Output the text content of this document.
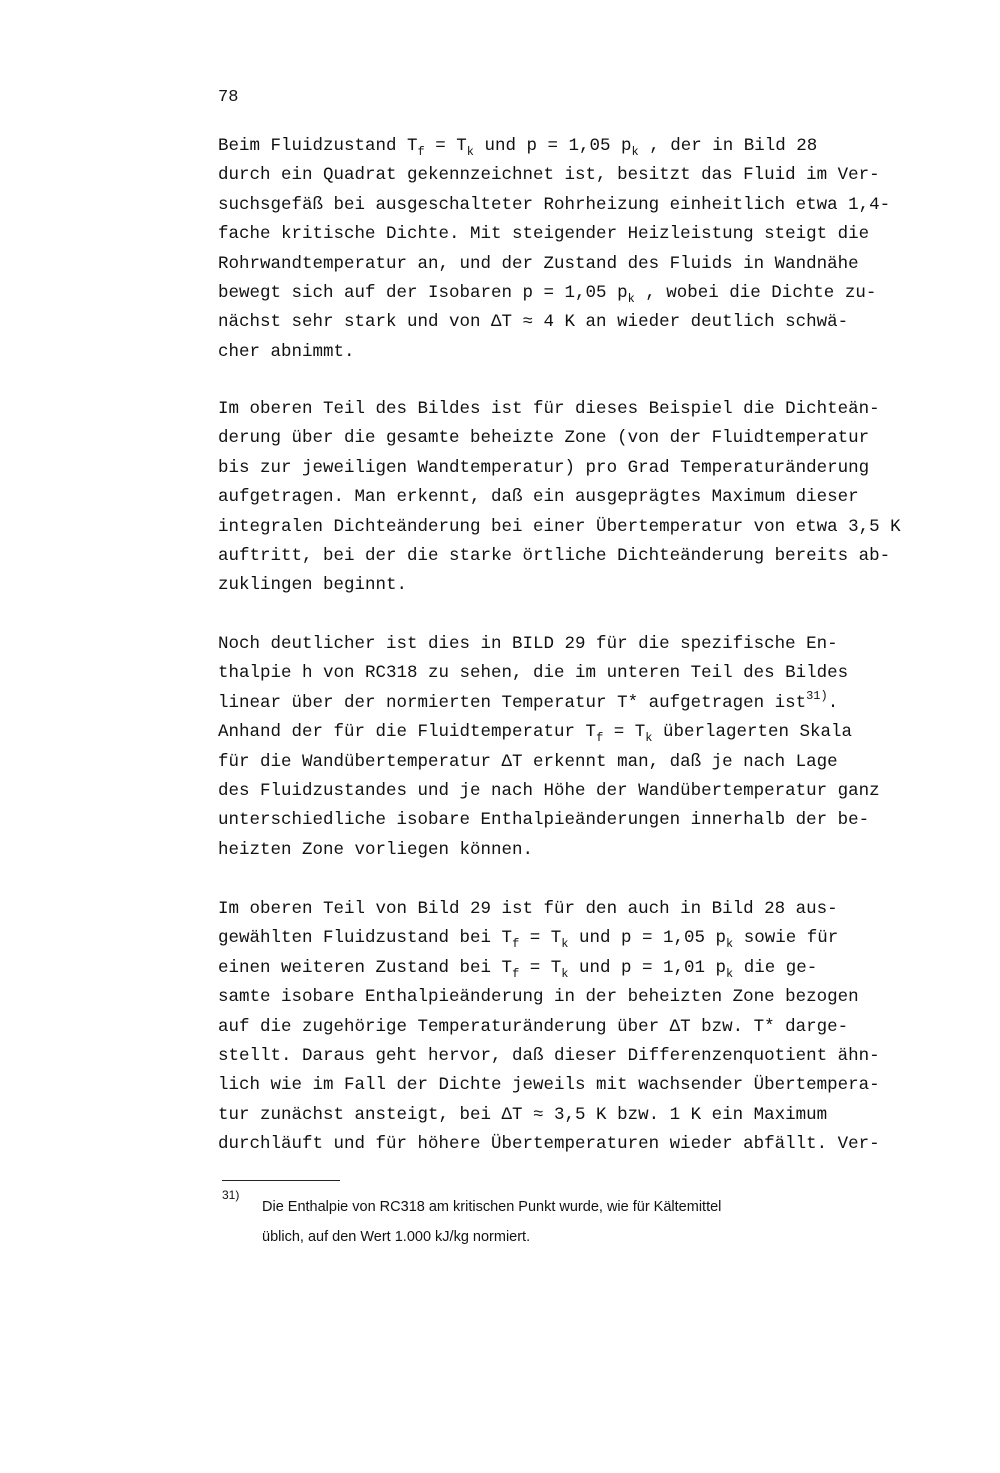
78
Beim Fluidzustand $T_f = T_k$ und p = 1,05 $p_k$ , der in Bild 28
durch ein Quadrat gekennzeichnet ist, besitzt das Fluid im Ver-
suchsgefäß bei ausgeschalteter Rohrheizung einheitlich etwa 1,4-
fache kritische Dichte. Mit steigender Heizleistung steigt die
Rohrwandtemperatur an, und der Zustand des Fluids in Wandnähe
bewegt sich auf der Isobaren p = 1,05 $p_k$ , wobei die Dichte zu-
nächst sehr stark und von ΔT ≈ 4 K an wieder deutlich schwä-
cher abnimmt.
Im oberen Teil des Bildes ist für dieses Beispiel die Dichteän-
derung über die gesamte beheizte Zone (von der Fluidtemperatur
bis zur jeweiligen Wandtemperatur) pro Grad Temperaturänderung
aufgetragen. Man erkennt, daß ein ausgeprägtes Maximum dieser
integralen Dichteänderung bei einer Übertemperatur von etwa 3,5 K
auftritt, bei der die starke örtliche Dichteänderung bereits ab-
zuklingen beginnt.
Noch deutlicher ist dies in BILD 29 für die spezifische En-
thalpie h von RC318 zu sehen, die im unteren Teil des Bildes
linear über der normierten Temperatur T* aufgetragen ist$^{31)}$.
Anhand der für die Fluidtemperatur $T_f = T_k$ überlagerten Skala
für die Wandübertemperatur ΔT erkennt man, daß je nach Lage
des Fluidzustandes und je nach Höhe der Wandübertemperatur ganz
unterschiedliche isobare Enthalpieänderungen innerhalb der be-
heizten Zone vorliegen können.
Im oberen Teil von Bild 29 ist für den auch in Bild 28 aus-
gewählten Fluidzustand bei $T_f = T_k$ und p = 1,05 $p_k$ sowie für
einen weiteren Zustand bei $T_f = T_k$ und p = 1,01 $p_k$ die ge-
samte isobare Enthalpieänderung in der beheizten Zone bezogen
auf die zugehörige Temperaturänderung über ΔT bzw. T* darge-
stellt. Daraus geht hervor, daß dieser Differenzenquotient ähn-
lich wie im Fall der Dichte jeweils mit wachsender Übertempera-
tur zunächst ansteigt, bei ΔT ≈ 3,5 K bzw. 1 K ein Maximum
durchläuft und für höhere Übertemperaturen wieder abfällt. Ver-
31)
Die Enthalpie von RC318 am kritischen Punkt wurde, wie für Kältemittel
üblich, auf den Wert 1.000 kJ/kg normiert.
